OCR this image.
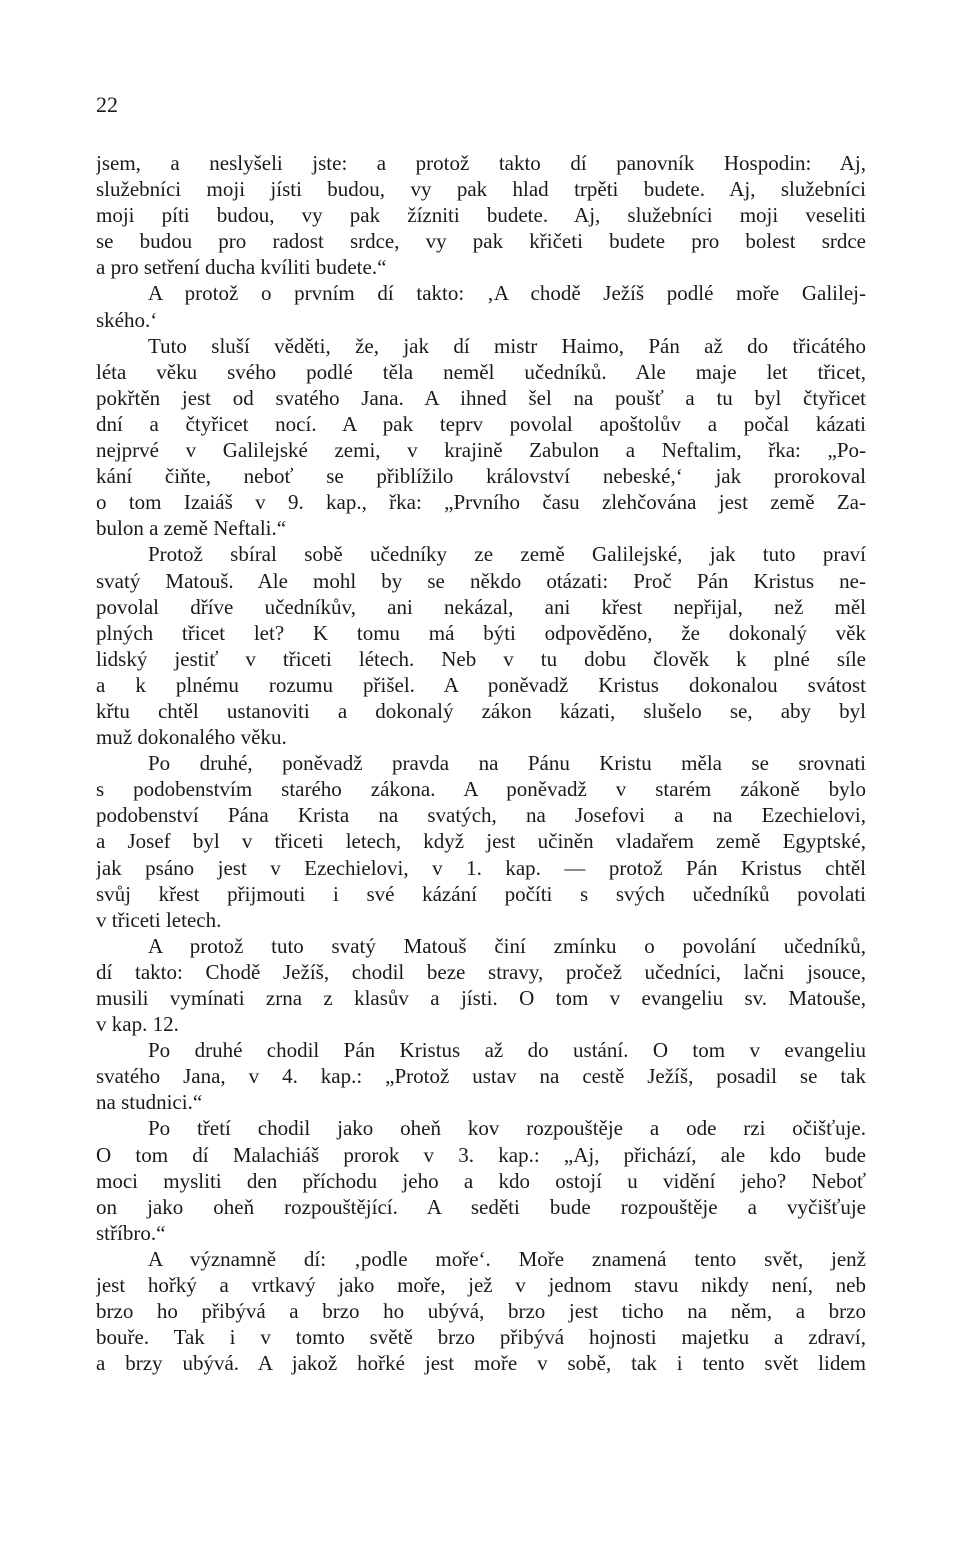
22
jsem, a neslyšeli jste: a protož takto dí panovník Hospodin: Aj,
služebníci moji jísti budou, vy pak hlad trpěti budete. Aj, služebníci
moji píti budou, vy pak žízniti budete. Aj, služebníci moji veseliti
se budou pro radost srdce, vy pak křičeti budete pro bolest srdce
a pro setření ducha kvíliti budete.“
A protož o prvním dí takto: ‚A chodě Ježíš podlé moře Galilej-
ského.‘
Tuto sluší věděti, že, jak dí mistr Haimo, Pán až do třicátého
léta věku svého podlé těla neměl učedníků. Ale maje let třicet,
pokřtěn jest od svatého Jana. A ihned šel na poušť a tu byl čtyřicet
dní a čtyřicet nocí. A pak teprv povolal apoštolův a počal kázati
nejprvé v Galilejské zemi, v krajině Zabulon a Neftalim, řka: „Po-
kání čiňte, neboť se přiblížilo království nebeské,‘ jak prorokoval
o tom Izaiáš v 9. kap., řka: „Prvního času zlehčována jest země Za-
bulon a země Neftali.“
Protož sbíral sobě učedníky ze země Galilejské, jak tuto praví
svatý Matouš. Ale mohl by se někdo otázati: Proč Pán Kristus ne-
povolal dříve učedníkův, ani nekázal, ani křest nepřijal, než měl
plných třicet let? K tomu má býti odpověděno, že dokonalý věk
lidský jestiť v třiceti létech. Neb v tu dobu člověk k plné síle
a k plnému rozumu přišel. A poněvadž Kristus dokonalou svátost
křtu chtěl ustanoviti a dokonalý zákon kázati, slušelo se, aby byl
muž dokonalého věku.
Po druhé, poněvadž pravda na Pánu Kristu měla se srovnati
s podobenstvím starého zákona. A poněvadž v starém zákoně bylo
podobenství Pána Krista na svatých, na Josefovi a na Ezechielovi,
a Josef byl v třiceti letech, když jest učiněn vladařem země Egyptské,
jak psáno jest v Ezechielovi, v 1. kap. — protož Pán Kristus chtěl
svůj křest přijmouti i své kázání počíti s svých učedníků povolati
v třiceti letech.
A protož tuto svatý Matouš činí zmínku o povolání učedníků,
dí takto: Chodě Ježíš, chodil beze stravy, pročež učedníci, lačni jsouce,
musili vymínati zrna z klasův a jísti. O tom v evangeliu sv. Matouše,
v kap. 12.
Po druhé chodil Pán Kristus až do ustání. O tom v evangeliu
svatého Jana, v 4. kap.: „Protož ustav na cestě Ježíš, posadil se tak
na studnici.“
Po třetí chodil jako oheň kov rozpouštěje a ode rzi očišťuje.
O tom dí Malachiáš prorok v 3. kap.: „Aj, přichází, ale kdo bude
moci mysliti den příchodu jeho a kdo ostojí u vidění jeho? Neboť
on jako oheň rozpouštějící. A seděti bude rozpouštěje a vyčišťuje
stříbro.“
A významně dí: ‚podle moře‘. Moře znamená tento svět, jenž
jest hořký a vrtkavý jako moře, jež v jednom stavu nikdy není, neb
brzo ho přibývá a brzo ho ubývá, brzo jest ticho na něm, a brzo
bouře. Tak i v tomto světě brzo přibývá hojnosti majetku a zdraví,
a brzy ubývá. A jakož hořké jest moře v sobě, tak i tento svět lidem
